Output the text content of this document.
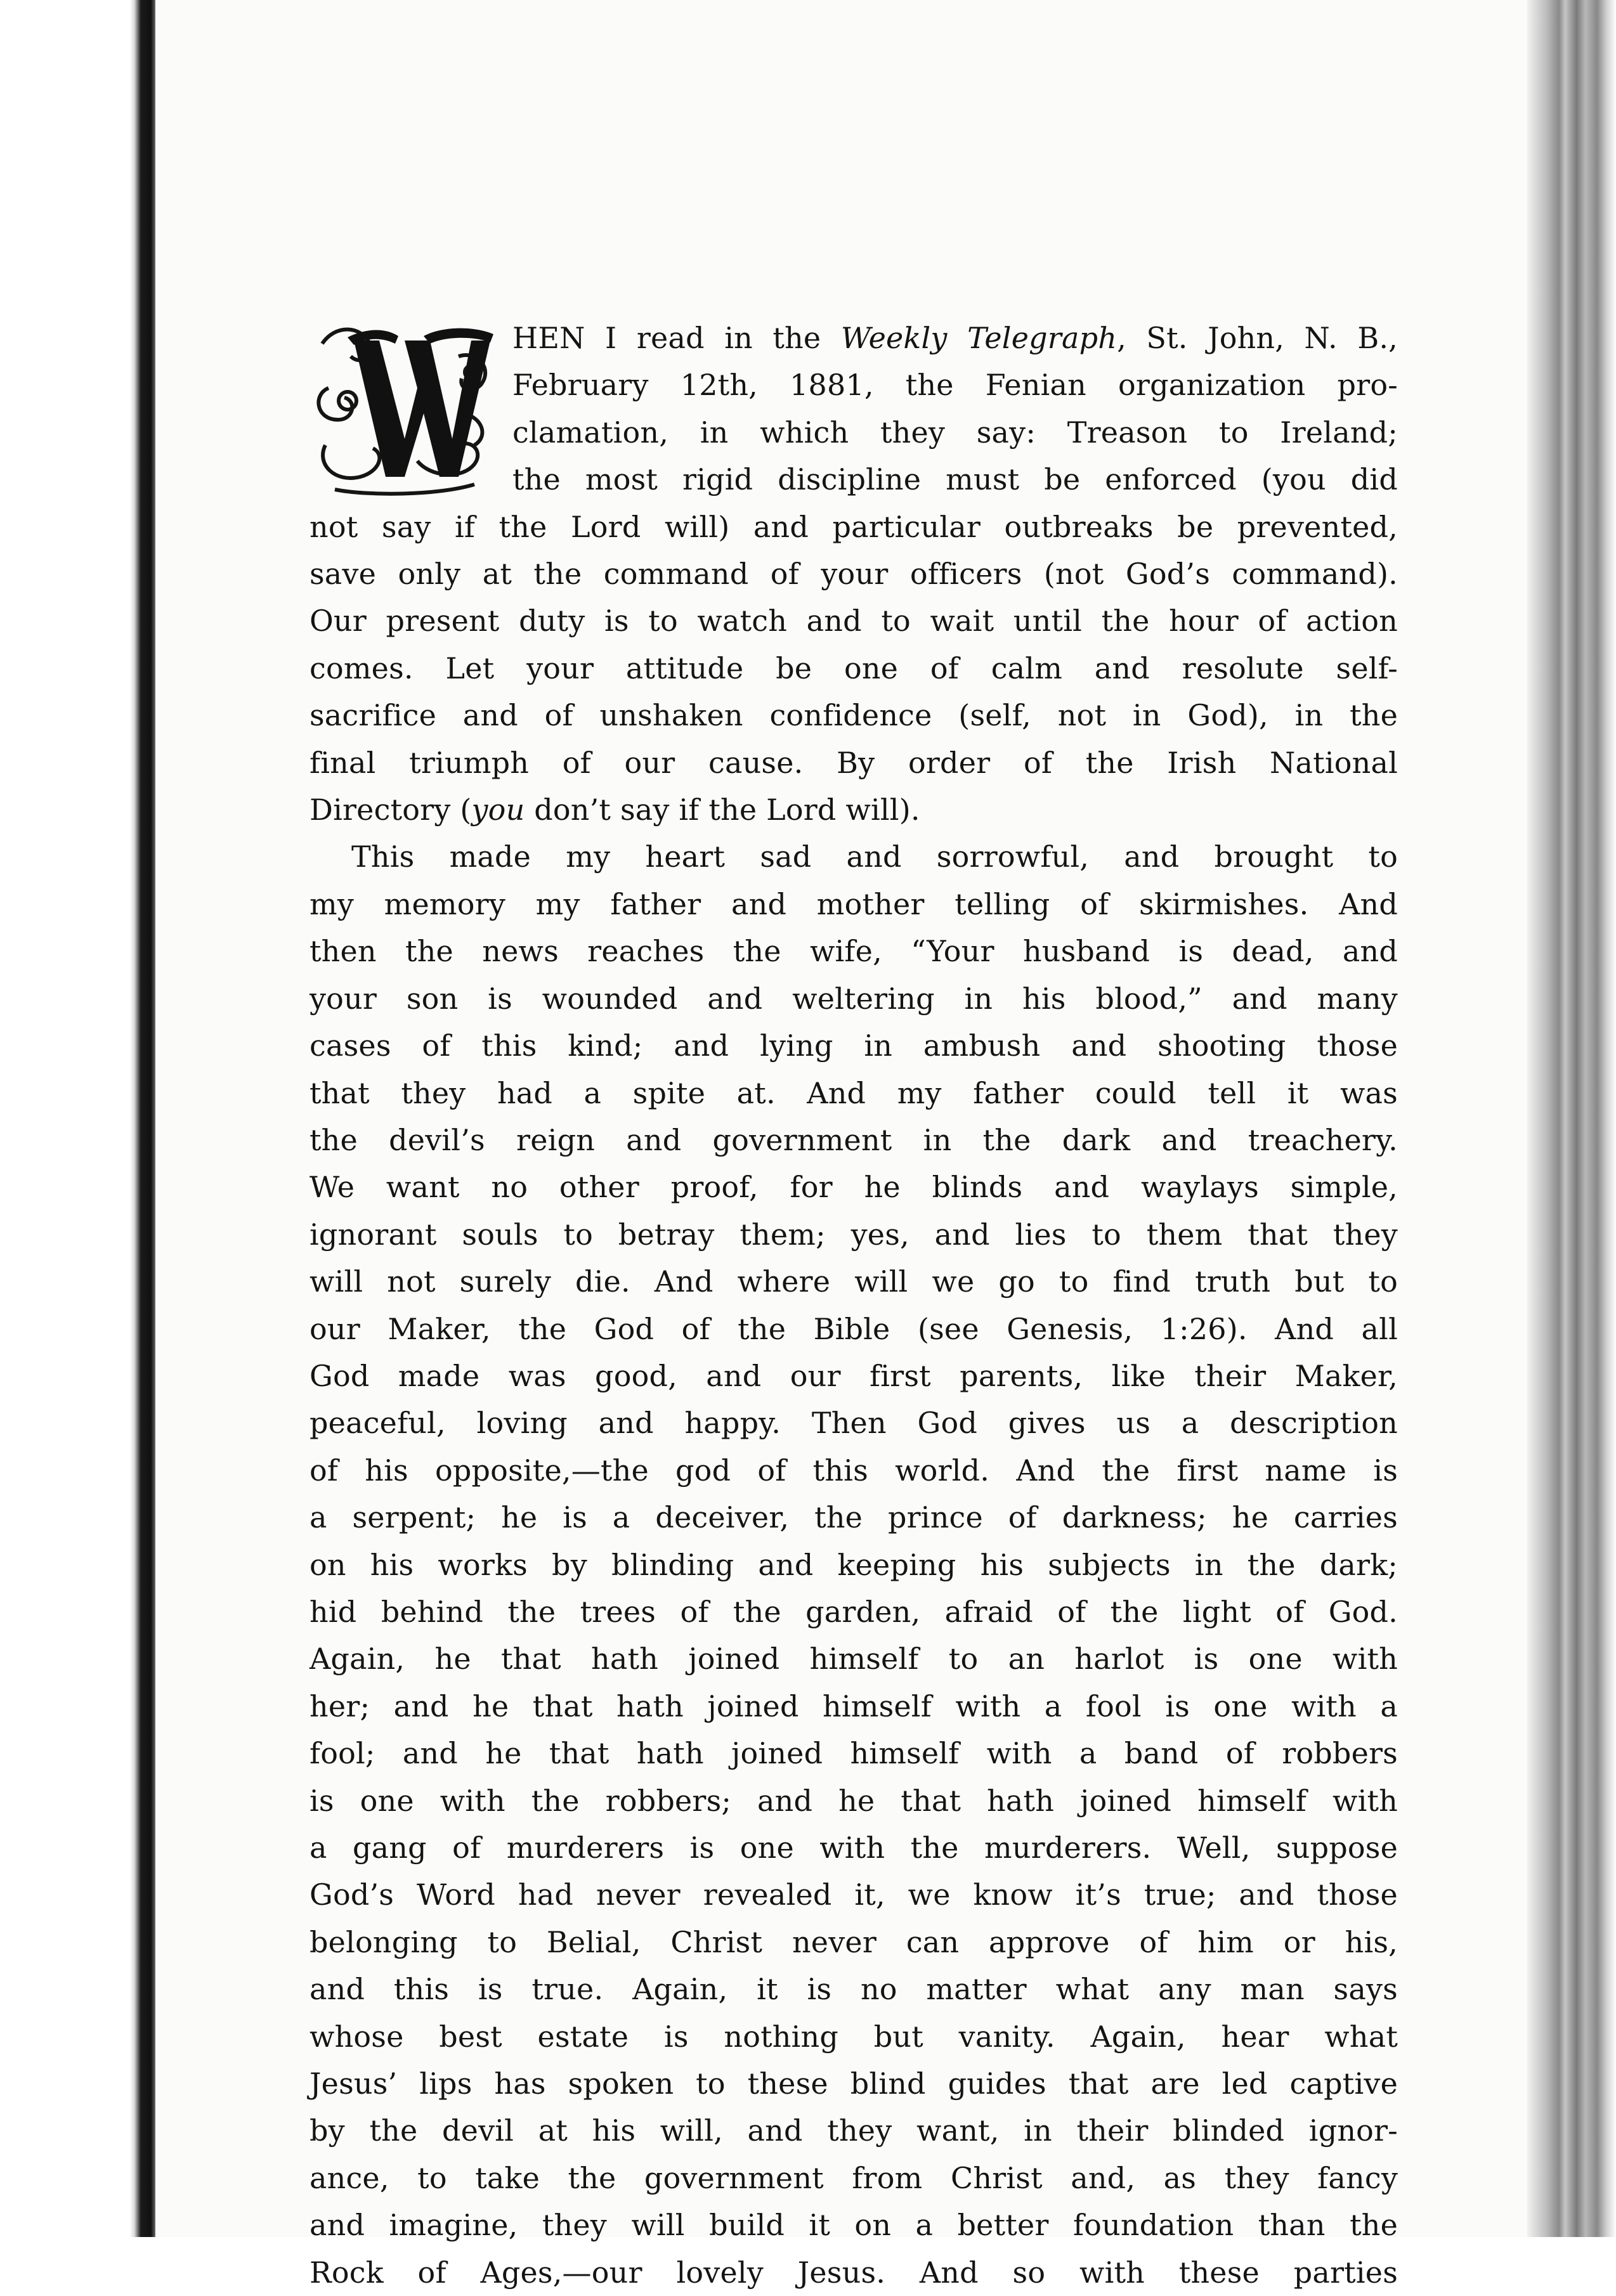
W
HEN I read in the Weekly Telegraph, St. John, N. B.,
February 12th, 1881, the Fenian organization pro-
clamation, in which they say: Treason to Ireland;
the most rigid discipline must be enforced (you did
not say if the Lord will) and particular outbreaks be prevented,
save only at the command of your officers (not God’s command).
Our present duty is to watch and to wait until the hour of action
comes. Let your attitude be one of calm and resolute self-
sacrifice and of unshaken confidence (self, not in God), in the
final triumph of our cause. By order of the Irish National
Directory (you don’t say if the Lord will).
This made my heart sad and sorrowful, and brought to
my memory my father and mother telling of skirmishes. And
then the news reaches the wife, “Your husband is dead, and
your son is wounded and weltering in his blood,” and many
cases of this kind; and lying in ambush and shooting those
that they had a spite at. And my father could tell it was
the devil’s reign and government in the dark and treachery.
We want no other proof, for he blinds and waylays simple,
ignorant souls to betray them; yes, and lies to them that they
will not surely die. And where will we go to find truth but to
our Maker, the God of the Bible (see Genesis, 1:26). And all
God made was good, and our first parents, like their Maker,
peaceful, loving and happy. Then God gives us a description
of his opposite,—the god of this world. And the first name is
a serpent; he is a deceiver, the prince of darkness; he carries
on his works by blinding and keeping his subjects in the dark;
hid behind the trees of the garden, afraid of the light of God.
Again, he that hath joined himself to an harlot is one with
her; and he that hath joined himself with a fool is one with a
fool; and he that hath joined himself with a band of robbers
is one with the robbers; and he that hath joined himself with
a gang of murderers is one with the murderers. Well, suppose
God’s Word had never revealed it, we know it’s true; and those
belonging to Belial, Christ never can approve of him or his,
and this is true. Again, it is no matter what any man says
whose best estate is nothing but vanity. Again, hear what
Jesus’ lips has spoken to these blind guides that are led captive
by the devil at his will, and they want, in their blinded ignor-
ance, to take the government from Christ and, as they fancy
and imagine, they will build it on a better foundation than the
Rock of Ages,—our lovely Jesus. And so with these parties
